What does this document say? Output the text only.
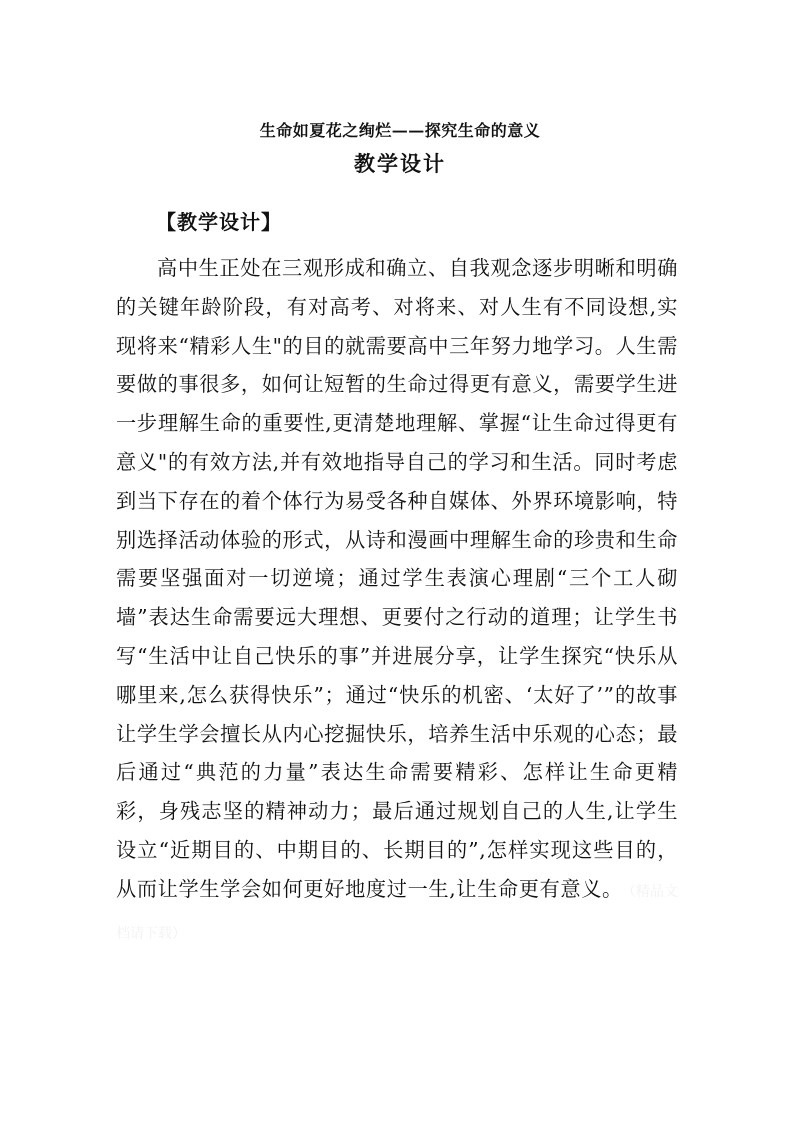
生命如夏花之绚烂——探究生命的意义
教学设计
【教学设计】

高中生正处在三观形成和确立、自我观念逐步明晰和明确的关键年龄阶段，有对高考、对将来、对人生有不同设想,实现将来“精彩人生"的目的就需要高中三年努力地学习。人生需要做的事很多，如何让短暂的生命过得更有意义，需要学生进一步理解生命的重要性,更清楚地理解、掌握“让生命过得更有意义"的有效方法,并有效地指导自己的学习和生活。同时考虑到当下存在的着个体行为易受各种自媒体、外界环境影响，特别选择活动体验的形式，从诗和漫画中理解生命的珍贵和生命需要坚强面对一切逆境；通过学生表演心理剧“三个工人砌墙”表达生命需要远大理想、更要付之行动的道理；让学生书写“生活中让自己快乐的事”并进展分享，让学生探究“快乐从哪里来,怎么获得快乐”；通过“快乐的机密、‘太好了’”的故事让学生学会擅长从内心挖掘快乐，培养生活中乐观的心态；最后通过“典范的力量”表达生命需要精彩、怎样让生命更精彩，身残志坚的精神动力；最后通过规划自己的人生,让学生设立“近期目的、中期目的、长期目的”,怎样实现这些目的，从而让学生学会如何更好地度过一生,让生命更有意义。 （精品文档请下载）
